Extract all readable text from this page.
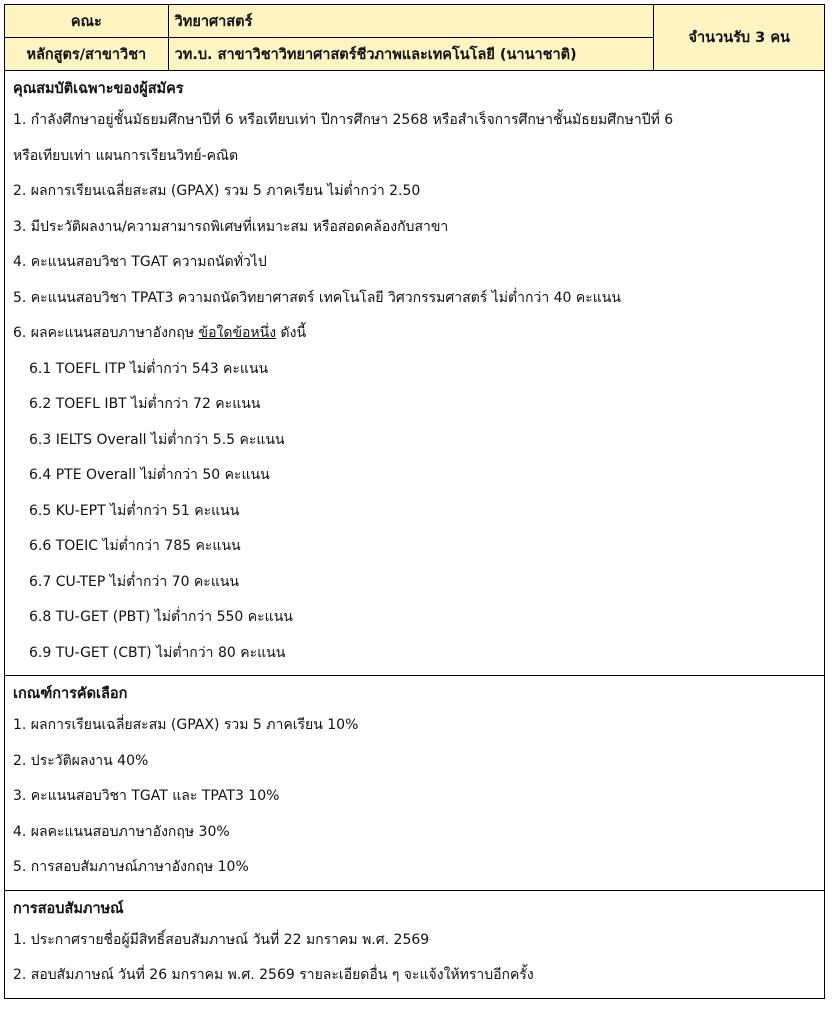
คณะ	วิทยาศาสตร์	จำนวนรับ 3 คน
หลักสูตร/สาขาวิชา	วท.บ. สาขาวิชาวิทยาศาสตร์ชีวภาพและเทคโนโลยี (นานาชาติ)	
คุณสมบัติเฉพาะของผู้สมัคร
1. กำลังศึกษาอยู่ชั้นมัธยมศึกษาปีที่ 6 หรือเทียบเท่า ปีการศึกษา 2568 หรือสำเร็จการศึกษาชั้นมัธยมศึกษาปีที่ 6
หรือเทียบเท่า แผนการเรียนวิทย์-คณิต
2. ผลการเรียนเฉลี่ยสะสม (GPAX) รวม 5 ภาคเรียน ไม่ต่ำกว่า 2.50
3. มีประวัติผลงาน/ความสามารถพิเศษที่เหมาะสม หรือสอดคล้องกับสาขา
4. คะแนนสอบวิชา TGAT ความถนัดทั่วไป
5. คะแนนสอบวิชา TPAT3 ความถนัดวิทยาศาสตร์ เทคโนโลยี วิศวกรรมศาสตร์ ไม่ต่ำกว่า 40 คะแนน
6. ผลคะแนนสอบภาษาอังกฤษ ข้อใดข้อหนึ่ง ดังนี้
6.1 TOEFL ITP ไม่ต่ำกว่า 543 คะแนน
6.2 TOEFL IBT ไม่ต่ำกว่า 72 คะแนน
6.3 IELTS Overall ไม่ต่ำกว่า 5.5 คะแนน
6.4 PTE Overall ไม่ต่ำกว่า 50 คะแนน
6.5 KU-EPT ไม่ต่ำกว่า 51 คะแนน
6.6 TOEIC ไม่ต่ำกว่า 785 คะแนน
6.7 CU-TEP ไม่ต่ำกว่า 70 คะแนน
6.8 TU-GET (PBT) ไม่ต่ำกว่า 550 คะแนน
6.9 TU-GET (CBT) ไม่ต่ำกว่า 80 คะแนน
เกณฑ์การคัดเลือก
1. ผลการเรียนเฉลี่ยสะสม (GPAX) รวม 5 ภาคเรียน 10%
2. ประวัติผลงาน 40%
3. คะแนนสอบวิชา TGAT และ TPAT3 10%
4. ผลคะแนนสอบภาษาอังกฤษ 30%
5. การสอบสัมภาษณ์ภาษาอังกฤษ 10%
การสอบสัมภาษณ์
1. ประกาศรายชื่อผู้มีสิทธิ์สอบสัมภาษณ์ วันที่ 22 มกราคม พ.ศ. 2569
2. สอบสัมภาษณ์ วันที่ 26 มกราคม พ.ศ. 2569 รายละเอียดอื่น ๆ จะแจ้งให้ทราบอีกครั้ง
